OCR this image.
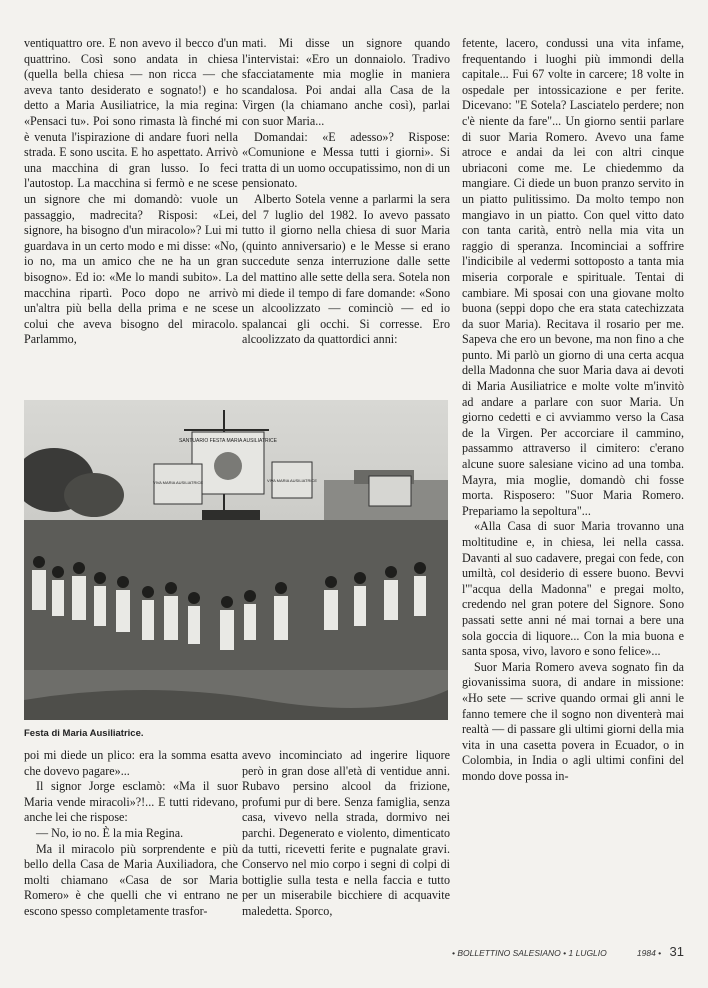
ventiquattro ore. E non avevo il becco d'un quattrino. Così sono andata in chiesa (quella bella chiesa — non ricca — che aveva tanto desiderato e sognato!) e ho detto a Maria Ausiliatrice, la mia regina: «Pensaci tu». Poi sono rimasta là finché mi è venuta l'ispirazione di andare fuori nella strada. E sono uscita. E ho aspettato. Arrivò una macchina di gran lusso. Io feci l'autostop. La macchina si fermò e ne scese un signore che mi domandò: vuole un passaggio, madrecita? Risposi: «Lei, signore, ha bisogno d'un miracolo»? Lui mi guardava in un certo modo e mi disse: «No, io no, ma un amico che ne ha un gran bisogno». Ed io: «Me lo mandi subito». La macchina ripartì. Poco dopo ne arrivò un'altra più bella della prima e ne scese colui che aveva bisogno del miracolo. Parlammo,

mati. Mi disse un signore quando l'intervistai: «Ero un donnaiolo. Tradivo sfacciatamente mia moglie in maniera scandalosa. Poi andai alla Casa de la Virgen (la chiamano anche così), parlai con suor Maria...

Domandai: «E adesso»? Rispose: «Comunione e Messa tutti i giorni». Si tratta di un uomo occupatissimo, non di un pensionato.

Alberto Sotela venne a parlarmi la sera del 7 luglio del 1982. Io avevo passato tutto il giorno nella chiesa di suor Maria (quinto anniversario) e le Messe si erano succedute senza interruzione dalle sette del mattino alle sette della sera. Sotela non mi diede il tempo di fare domande: «Sono un alcoolizzato — cominciò — ed io spalancai gli occhi. Si corresse. Ero alcoolizzato da quattordici anni:

fetente, lacero, condussi una vita infame, frequentando i luoghi più immondi della capitale... Fui 67 volte in carcere; 18 volte in ospedale per intossicazione e per ferite. Dicevano: "E Sotela? Lasciatelo perdere; non c'è niente da fare"... Un giorno sentii parlare di suor Maria Romero. Avevo una fame atroce e andai da lei con altri cinque ubriaconi come me. Le chiedemmo da mangiare. Ci diede un buon pranzo servito in un piatto pulitissimo. Da molto tempo non mangiavo in un piatto. Con quel vitto dato con tanta carità, entrò nella mia vita un raggio di speranza. Incominciai a soffrire l'indicibile al vedermi sottoposto a tanta mia miseria corporale e spirituale. Tentai di cambiare. Mi sposai con una giovane molto buona (seppi dopo che era stata catechizzata da suor Maria). Recitava il rosario per me. Sapeva che ero un bevone, ma non fino a che punto. Mi parlò un giorno di una certa acqua della Madonna che suor Maria dava ai devoti di Maria Ausiliatrice e molte volte m'invitò ad andare a parlare con suor Maria. Un giorno cedetti e ci avviammo verso la Casa de la Virgen. Per accorciare il cammino, passammo attraverso il cimitero: c'erano alcune suore salesiane vicino ad una tomba. Mayra, mia moglie, domandò chi fosse morta. Risposero: "Suor Maria Romero. Prepariamo la sepoltura"...

«Alla Casa di suor Maria trovanno una moltitudine e, in chiesa, lei nella cassa. Davanti al suo cadavere, pregai con fede, con umiltà, col desiderio di essere buono. Bevvi l'"acqua della Madonna" e pregai molto, credendo nel gran potere del Signore. Sono passati sette anni né mai tornai a bere una sola goccia di liquore... Con la mia buona e santa sposa, vivo, lavoro e sono felice»...

Suor Maria Romero aveva sognato fin da giovanissima suora, di andare in missione: «Ho sete — scrive quando ormai gli anni le fanno temere che il sogno non diventerà mai realtà — di passare gli ultimi giorni della mia vita in una casetta povera in Ecuador, o in Colombia, in India o agli ultimi confini del mondo dove possa in-

SANTUARIO FESTA MARIA AUSILIATRICE
VIVA MARIA AUSILIATRICE	VIVA MARIA AUSILIATRICE
Festa di Maria Ausiliatrice.

poi mi diede un plico: era la somma esatta che dovevo pagare»...

Il signor Jorge esclamò: «Ma il suor Maria vende miracoli»?!... E tutti ridevano, anche lei che rispose:

— No, io no. È la mia Regina.

Ma il miracolo più sorprendente e più bello della Casa de Maria Auxiliadora, che molti chiamano «Casa de sor Maria Romero» è che quelli che vi entrano ne escono spesso completamente trasfor-

avevo incominciato ad ingerire liquore però in gran dose all'età di ventidue anni. Rubavo persino alcool da frizione, profumi pur di bere. Senza famiglia, senza casa, vivevo nella strada, dormivo nei parchi. Degenerato e violento, dimenticato da tutti, ricevetti ferite e pugnalate gravi. Conservo nel mio corpo i segni di colpi di bottiglie sulla testa e nella faccia e tutto per un miserabile bicchiere di acquavite maledetta. Sporco,

• BOLLETTINO SALESIANO • 1 LUGLIO	1984 • 31
